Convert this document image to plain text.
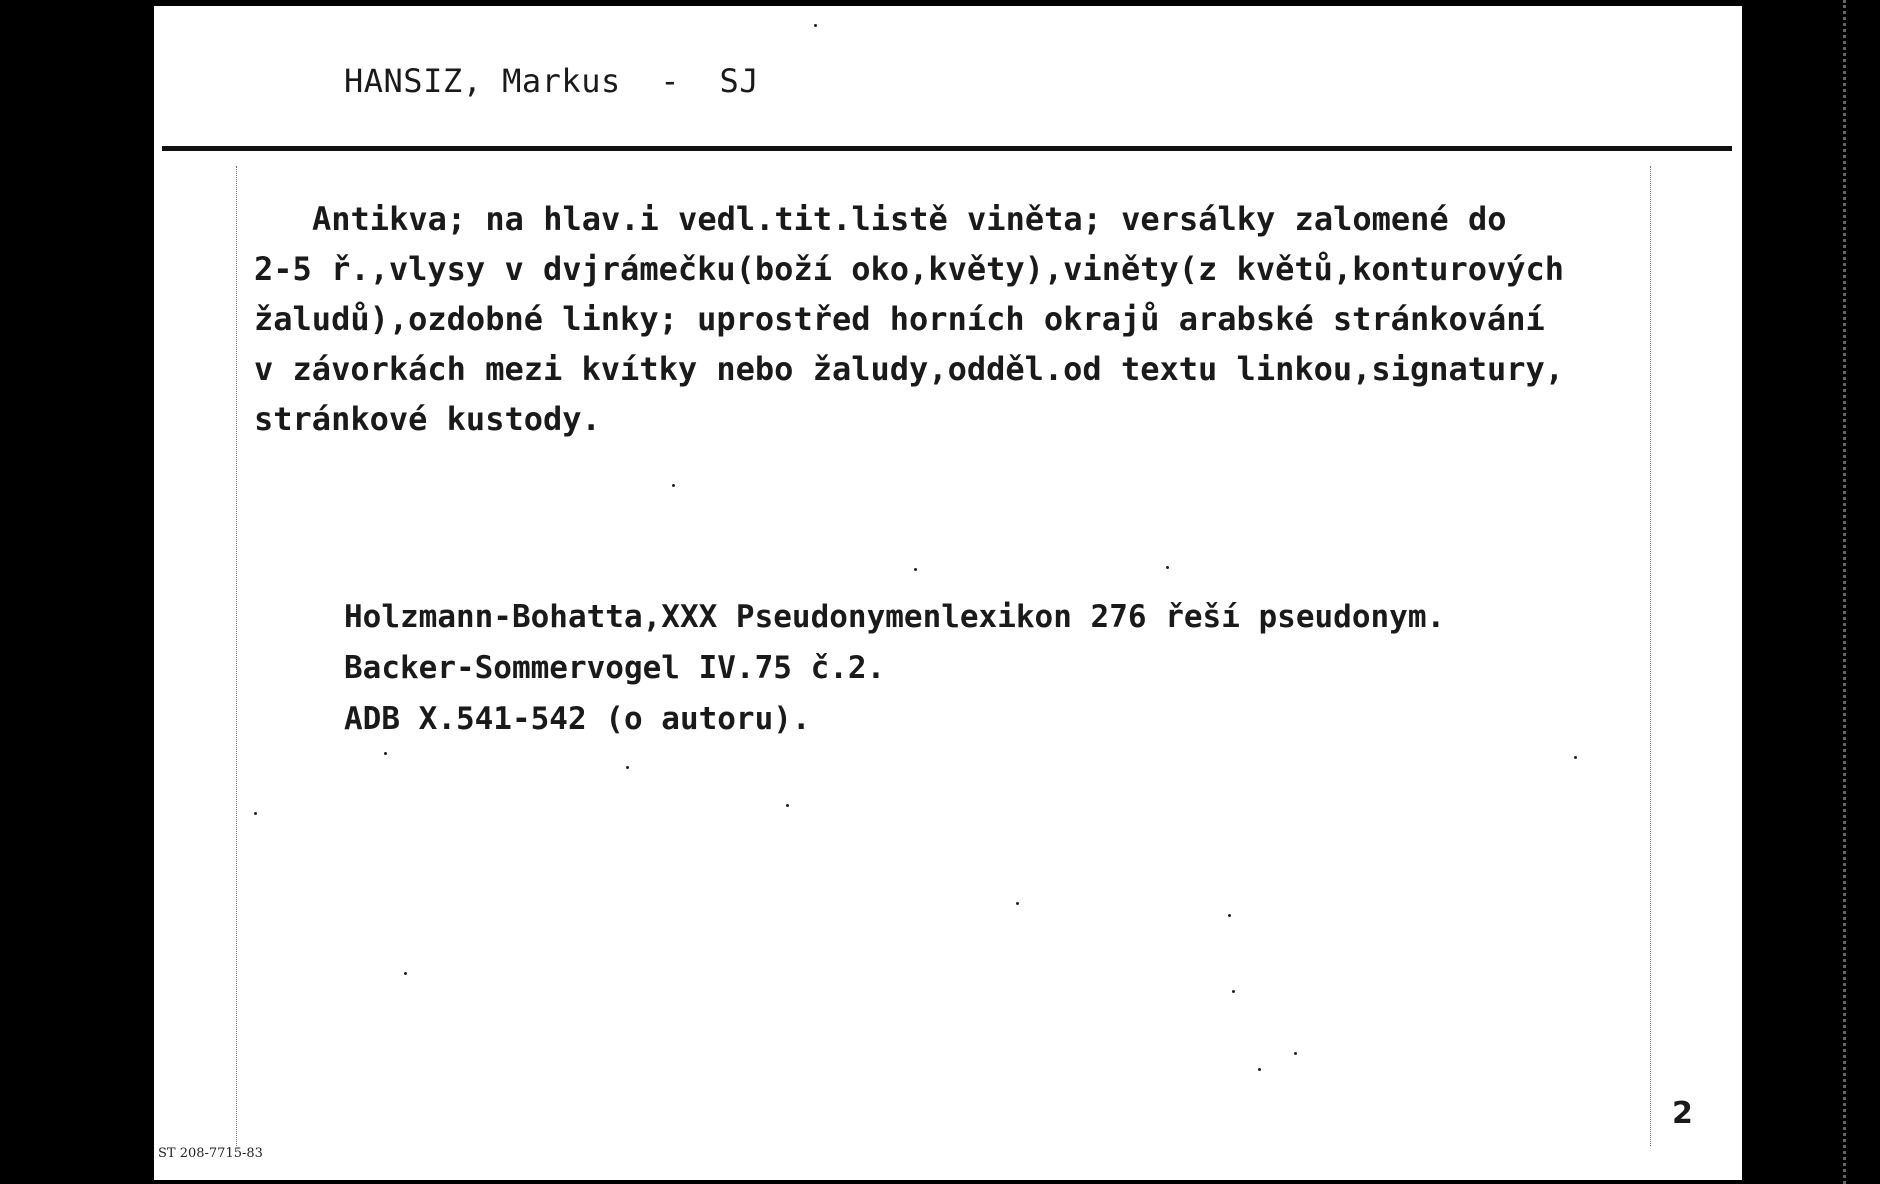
HANSIZ, Markus  -  SJ
Antikva; na hlav.i vedl.tit.listě viněta; versálky zalomené do
2-5 ř.,vlysy v dvjrámečku(boží oko,květy),viněty(z květů,konturových
žaludů),ozdobné linky; uprostřed horních okrajů arabské stránkování
v závorkách mezi kvítky nebo žaludy,odděl.od textu linkou,signatury,
stránkové kustody.
Holzmann-Bohatta,XXX Pseudonymenlexikon 276 řeší pseudonym.
Backer-Sommervogel IV.75 č.2.
ADB X.541-542 (o autoru).
2
ST 208-7715-83
